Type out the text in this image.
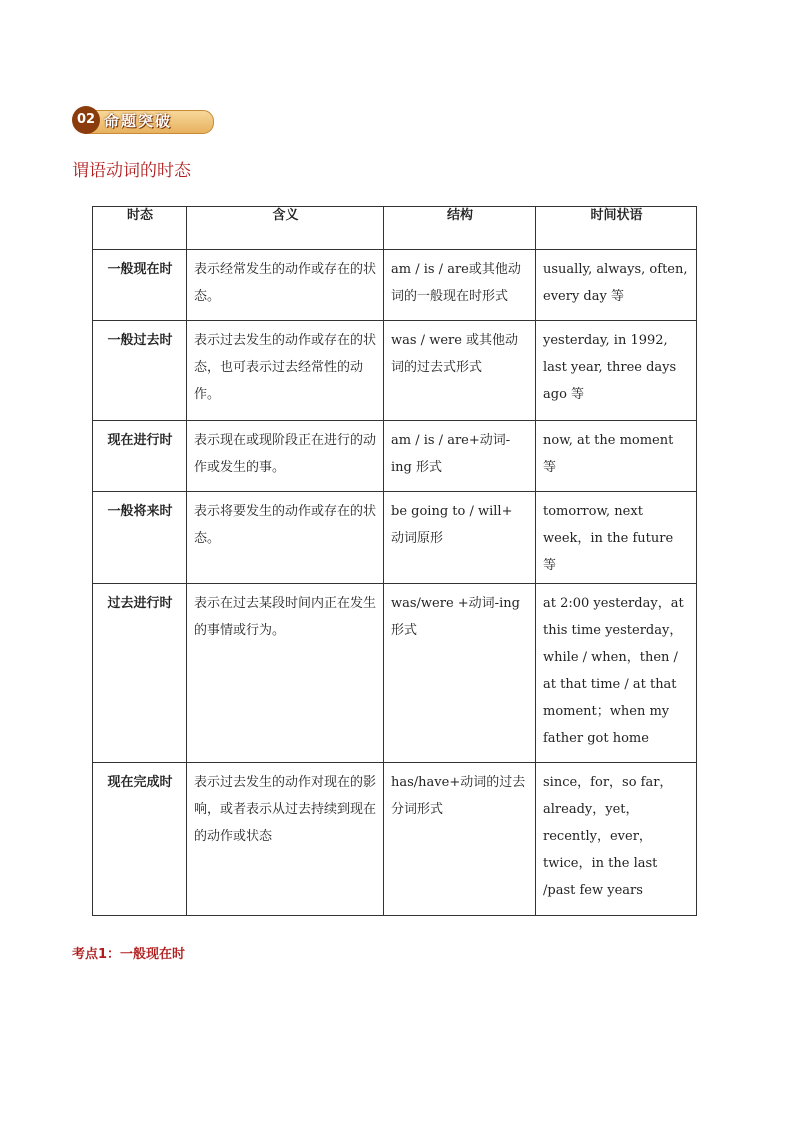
02 命题突破
谓语动词的时态
时态	含义	结构	时间状语
一般现在时	表示经常发生的动作或存在的状态。	am / is / are或其他动词的一般现在时形式	usually, always, often, every day 等
一般过去时	表示过去发生的动作或存在的状态，也可表示过去经常性的动作。	was / were 或其他动词的过去式形式	yesterday, in 1992, last year, three days ago 等
现在进行时	表示现在或现阶段正在进行的动作或发生的事。	am / is / are+动词-ing 形式	now, at the moment 等
一般将来时	表示将要发生的动作或存在的状态。	be going to / will+ 动词原形	tomorrow, next week，in the future 等
过去进行时	表示在过去某段时间内正在发生的事情或行为。	was/were +动词-ing 形式	at 2:00 yesterday，at this time yesterday，while / when，then / at that time / at that moment；when my father got home
现在完成时	表示过去发生的动作对现在的影响，或者表示从过去持续到现在的动作或状态	has/have+动词的过去分词形式	since，for，so far，already，yet，recently，ever，twice，in the last /past few years
考点1：一般现在时
